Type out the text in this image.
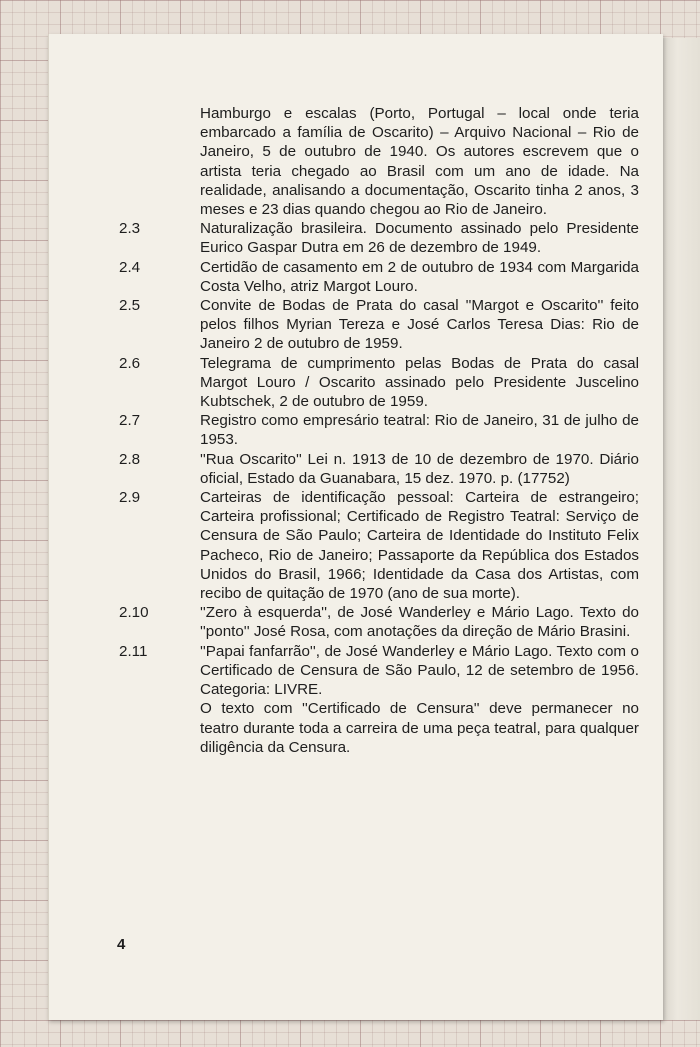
Hamburgo e escalas (Porto, Portugal – local onde teria embarcado a família de Oscarito) – Arquivo Nacional – Rio de Janeiro, 5 de outubro de 1940. Os autores escrevem que o artista teria chegado ao Brasil com um ano de idade. Na realidade, analisando a documentação, Oscarito tinha 2 anos, 3 meses e 23 dias quando chegou ao Rio de Janeiro.
2.3	Naturalização brasileira. Documento assinado pelo Presidente Eurico Gaspar Dutra em 26 de dezembro de 1949.
2.4	Certidão de casamento em 2 de outubro de 1934 com Margarida Costa Velho, atriz Margot Louro.
2.5	Convite de Bodas de Prata do casal ''Margot e Oscarito'' feito pelos filhos Myrian Tereza e José Carlos Teresa Dias: Rio de Janeiro 2 de outubro de 1959.
2.6	Telegrama de cumprimento pelas Bodas de Prata do casal Margot Louro / Oscarito assinado pelo Presidente Juscelino Kubtschek, 2 de outubro de 1959.
2.7	Registro como empresário teatral: Rio de Janeiro, 31 de julho de 1953.
2.8	''Rua Oscarito'' Lei n. 1913 de 10 de dezembro de 1970. Diário oficial, Estado da Guanabara, 15 dez. 1970. p. (17752)
2.9	Carteiras de identificação pessoal: Carteira de estrangeiro; Carteira profissional; Certificado de Registro Teatral: Serviço de Censura de São Paulo; Carteira de Identidade do Instituto Felix Pacheco, Rio de Janeiro; Passaporte da República dos Estados Unidos do Brasil, 1966; Identidade da Casa dos Artistas, com recibo de quitação de 1970 (ano de sua morte).
2.10	''Zero à esquerda'', de José Wanderley e Mário Lago. Texto do ''ponto'' José Rosa, com anotações da direção de Mário Brasini.
2.11	''Papai fanfarrão'', de José Wanderley e Mário Lago. Texto com o Certificado de Censura de São Paulo, 12 de setembro de 1956. Categoria: LIVRE.
O texto com ''Certificado de Censura'' deve permanecer no teatro durante toda a carreira de uma peça teatral, para qualquer diligência da Censura.
4
